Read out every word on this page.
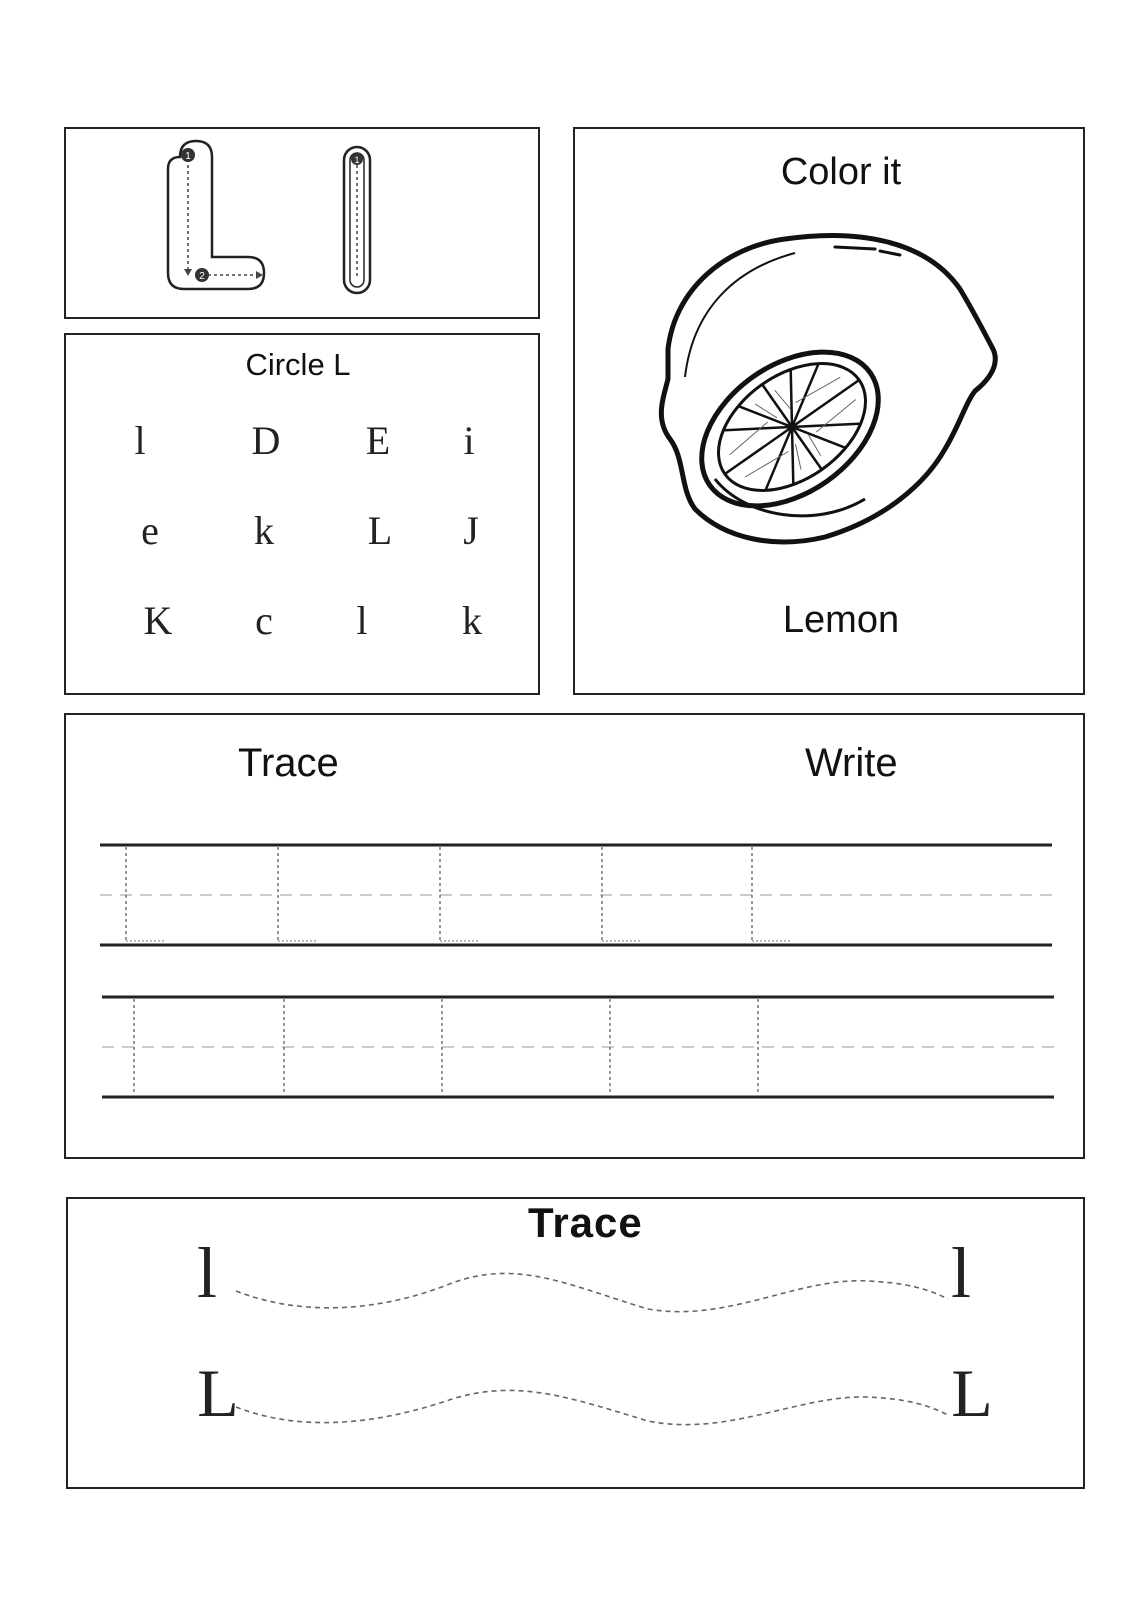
1
2
1
Circle L
l	D E i
e k L J
K c l k
Color it
Lemon
Trace	Write
Trace
l	l
L	L
